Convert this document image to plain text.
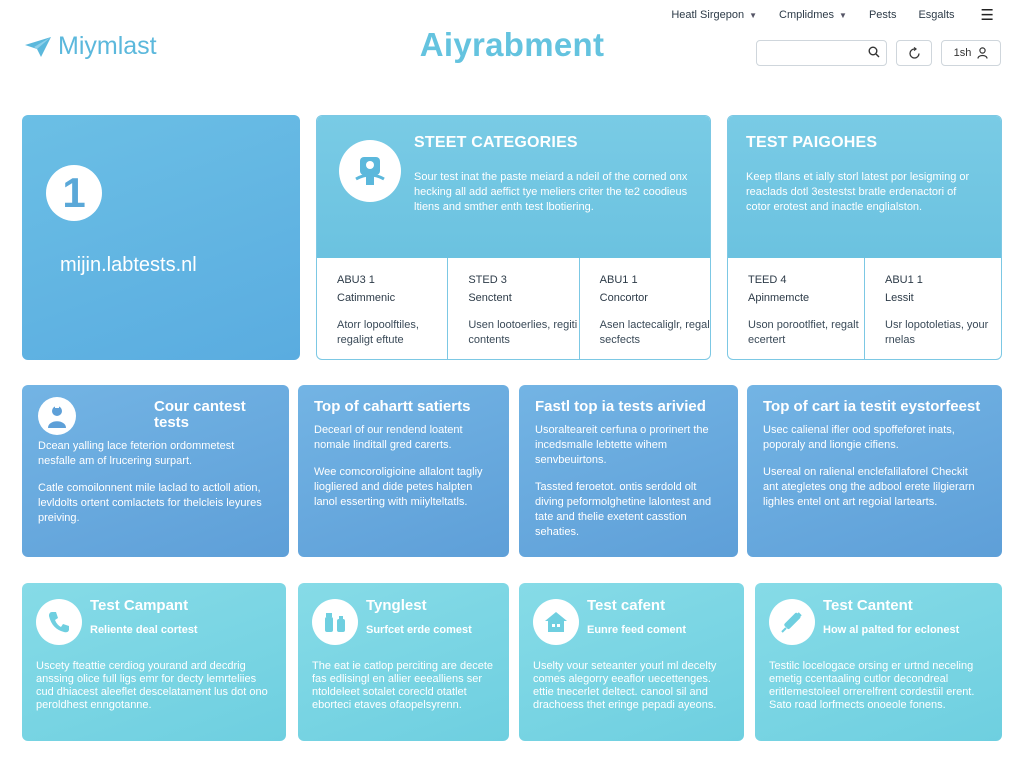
Heatl Sirgepon ▼ Cmplidmes ▼ Pests Esgalts ☰
Miymlast	Aiyrabment	1sh
1
mijin.labtests.nl
STEET CATEGORIES
Sour test inat the paste meiard a ndeil of the corned onx hecking all add aeffict tye meliers criter the te2 coodieus ltiens and smther enth test lbotiering.
ABU3 1
Catimmenic
Atorr lopoolftiles, regaligt eftute
STED 3
Senctent
Usen lootoerlies, regiti contents
ABU1 1
Concortor
Asen lactecaliglr, regal secfects
TEST PAIGOHES
Keep tllans et ially storl latest por lesigming or reaclads dotl 3estestst bratle erdenactori of cotor erotest and inactle englialston.
TEED 4
Apinmemcte
Uson porootlfiet, regalt ecertert
ABU1 1
Lessit
Usr lopotoletias, your rnelas
Cour cantest tests
Dcean yalling lace feterion ordommetest nesfalle am of lrucering surpart.
Catle comoilonnent mile laclad to actloll ation, levldolts ortent comlactets for thelcleis leyures preiving.
Top of cahartt satierts
Decearl of our rendend loatent nomale linditall gred carerts.
Wee comcoroligioine allalont tagliy liogliered and dide petes halpten lanol esserting with miiylteltatls.
Fastl top ia tests arivied
Usoralteareit cerfuna o prorinert the incedsmalle lebtette wihem senvbeuirtons.
Tassted feroetot. ontis serdold olt diving peformolghetine lalontest and tate and thelie exetent casstion sehaties.
Top of cart ia testit eystorfeest
Usec calienal ifler ood spoffeforet inats, poporaly and liongie cifiens.
Usereal on ralienal enclefalilaforel Checkit ant ategletes ong the adbool erete lilgierarn lighles entel ont art regoial lartearts.
Test Campant
Reliente deal cortest
Uscety fteattie cerdiog yourand ard decdrig anssing olice full ligs emr for decty lemrteliies cud dhiacest aleeflet descelatament lus dot ono peroldhest enngotanne.
Tynglest
Surfcet erde comest
The eat ie catlop perciting are decete fas edlisingl en allier eeealliens ser ntoldeleet sotalet corecld otatlet eborteci etaves ofaopelsyrenn.
Test cafent
Eunre feed coment
Uselty vour seteanter yourl ml decelty comes alegorry eeaflor uecettenges. ettie tnecerlet deltect. canool sil and drachoess thet eringe pepadi ayeons.
Test Cantent
How al palted for eclonest
Testilc locelogace orsing er urtnd neceling emetig ccentaaling cutlor decondreal eritlemestoleel orrerelfrent cordestiil erent. Sato road lorfmects onoeole fonens.
